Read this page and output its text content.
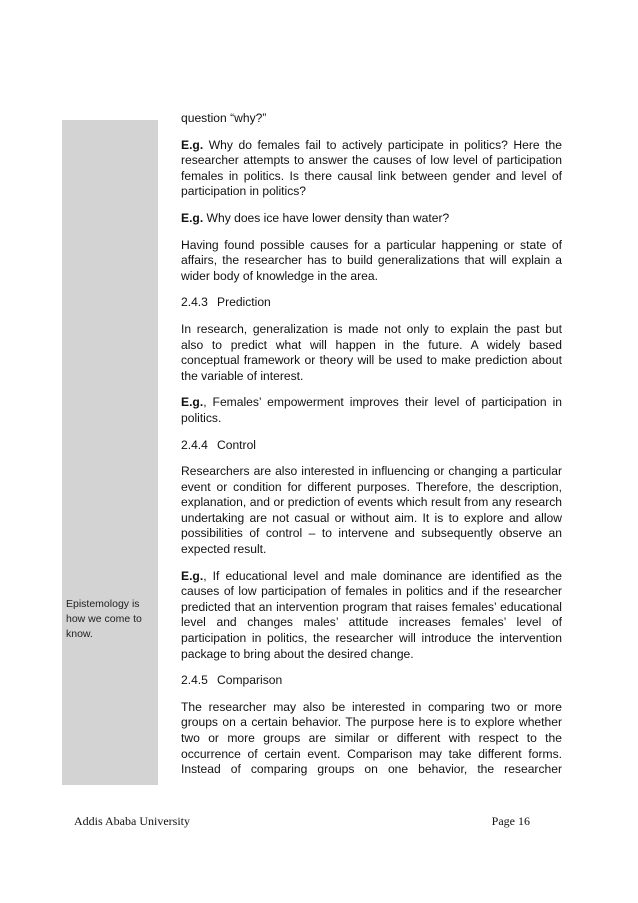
Epistemology is how we come to know.

question “why?”

E.g. Why do females fail to actively participate in politics? Here the researcher attempts to answer the causes of low level of participation females in politics. Is there causal link between gender and level of participation in politics?

E.g. Why does ice have lower density than water?

Having found possible causes for a particular happening or state of affairs, the researcher has to build generalizations that will explain a wider body of knowledge in the area.

2.4.3 Prediction

In research, generalization is made not only to explain the past but also to predict what will happen in the future. A widely based conceptual framework or theory will be used to make prediction about the variable of interest.

E.g., Females’ empowerment improves their level of participation in politics.

2.4.4 Control

Researchers are also interested in influencing or changing a particular event or condition for different purposes. Therefore, the description, explanation, and or prediction of events which result from any research undertaking are not casual or without aim. It is to explore and allow possibilities of control – to intervene and subsequently observe an expected result.

E.g., If educational level and male dominance are identified as the causes of low participation of females in politics and if the researcher predicted that an intervention program that raises females’ educational level and changes males’ attitude increases females’ level of participation in politics, the researcher will introduce the intervention package to bring about the desired change.

2.4.5 Comparison

The researcher may also be interested in comparing two or more groups on a certain behavior. The purpose here is to explore whether two or more groups are similar or different with respect to the occurrence of certain event. Comparison may take different forms. Instead of comparing groups on one behavior, the researcher

Addis Ababa University	Page 16
